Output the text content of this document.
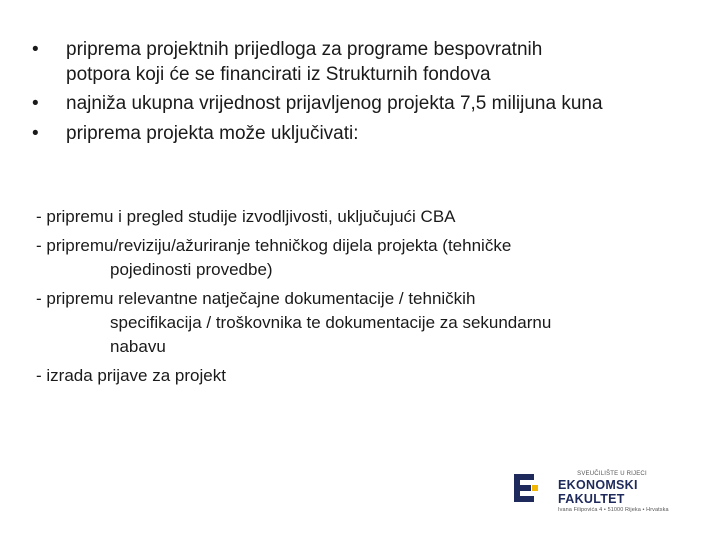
•	priprema projektnih prijedloga za programe bespovratnih
potpora koji će se financirati iz Strukturnih fondova
•	najniža ukupna vrijednost prijavljenog projekta 7,5 milijuna kuna
•	priprema projekta može uključivati:
- pripremu i pregled studije izvodljivosti, uključujući CBA
- pripremu/reviziju/ažuriranje tehničkog dijela projekta (tehničke
pojedinosti provedbe)
- pripremu relevantne natječajne dokumentacije / tehničkih
specifikacija / troškovnika te dokumentacije za sekundarnu
nabavu
- izrada prijave za projekt
SVEUČILIŠTE U RIJECI
EKONOMSKI FAKULTET
Ivana Filipovića 4 • 51000 Rijeka • Hrvatska
